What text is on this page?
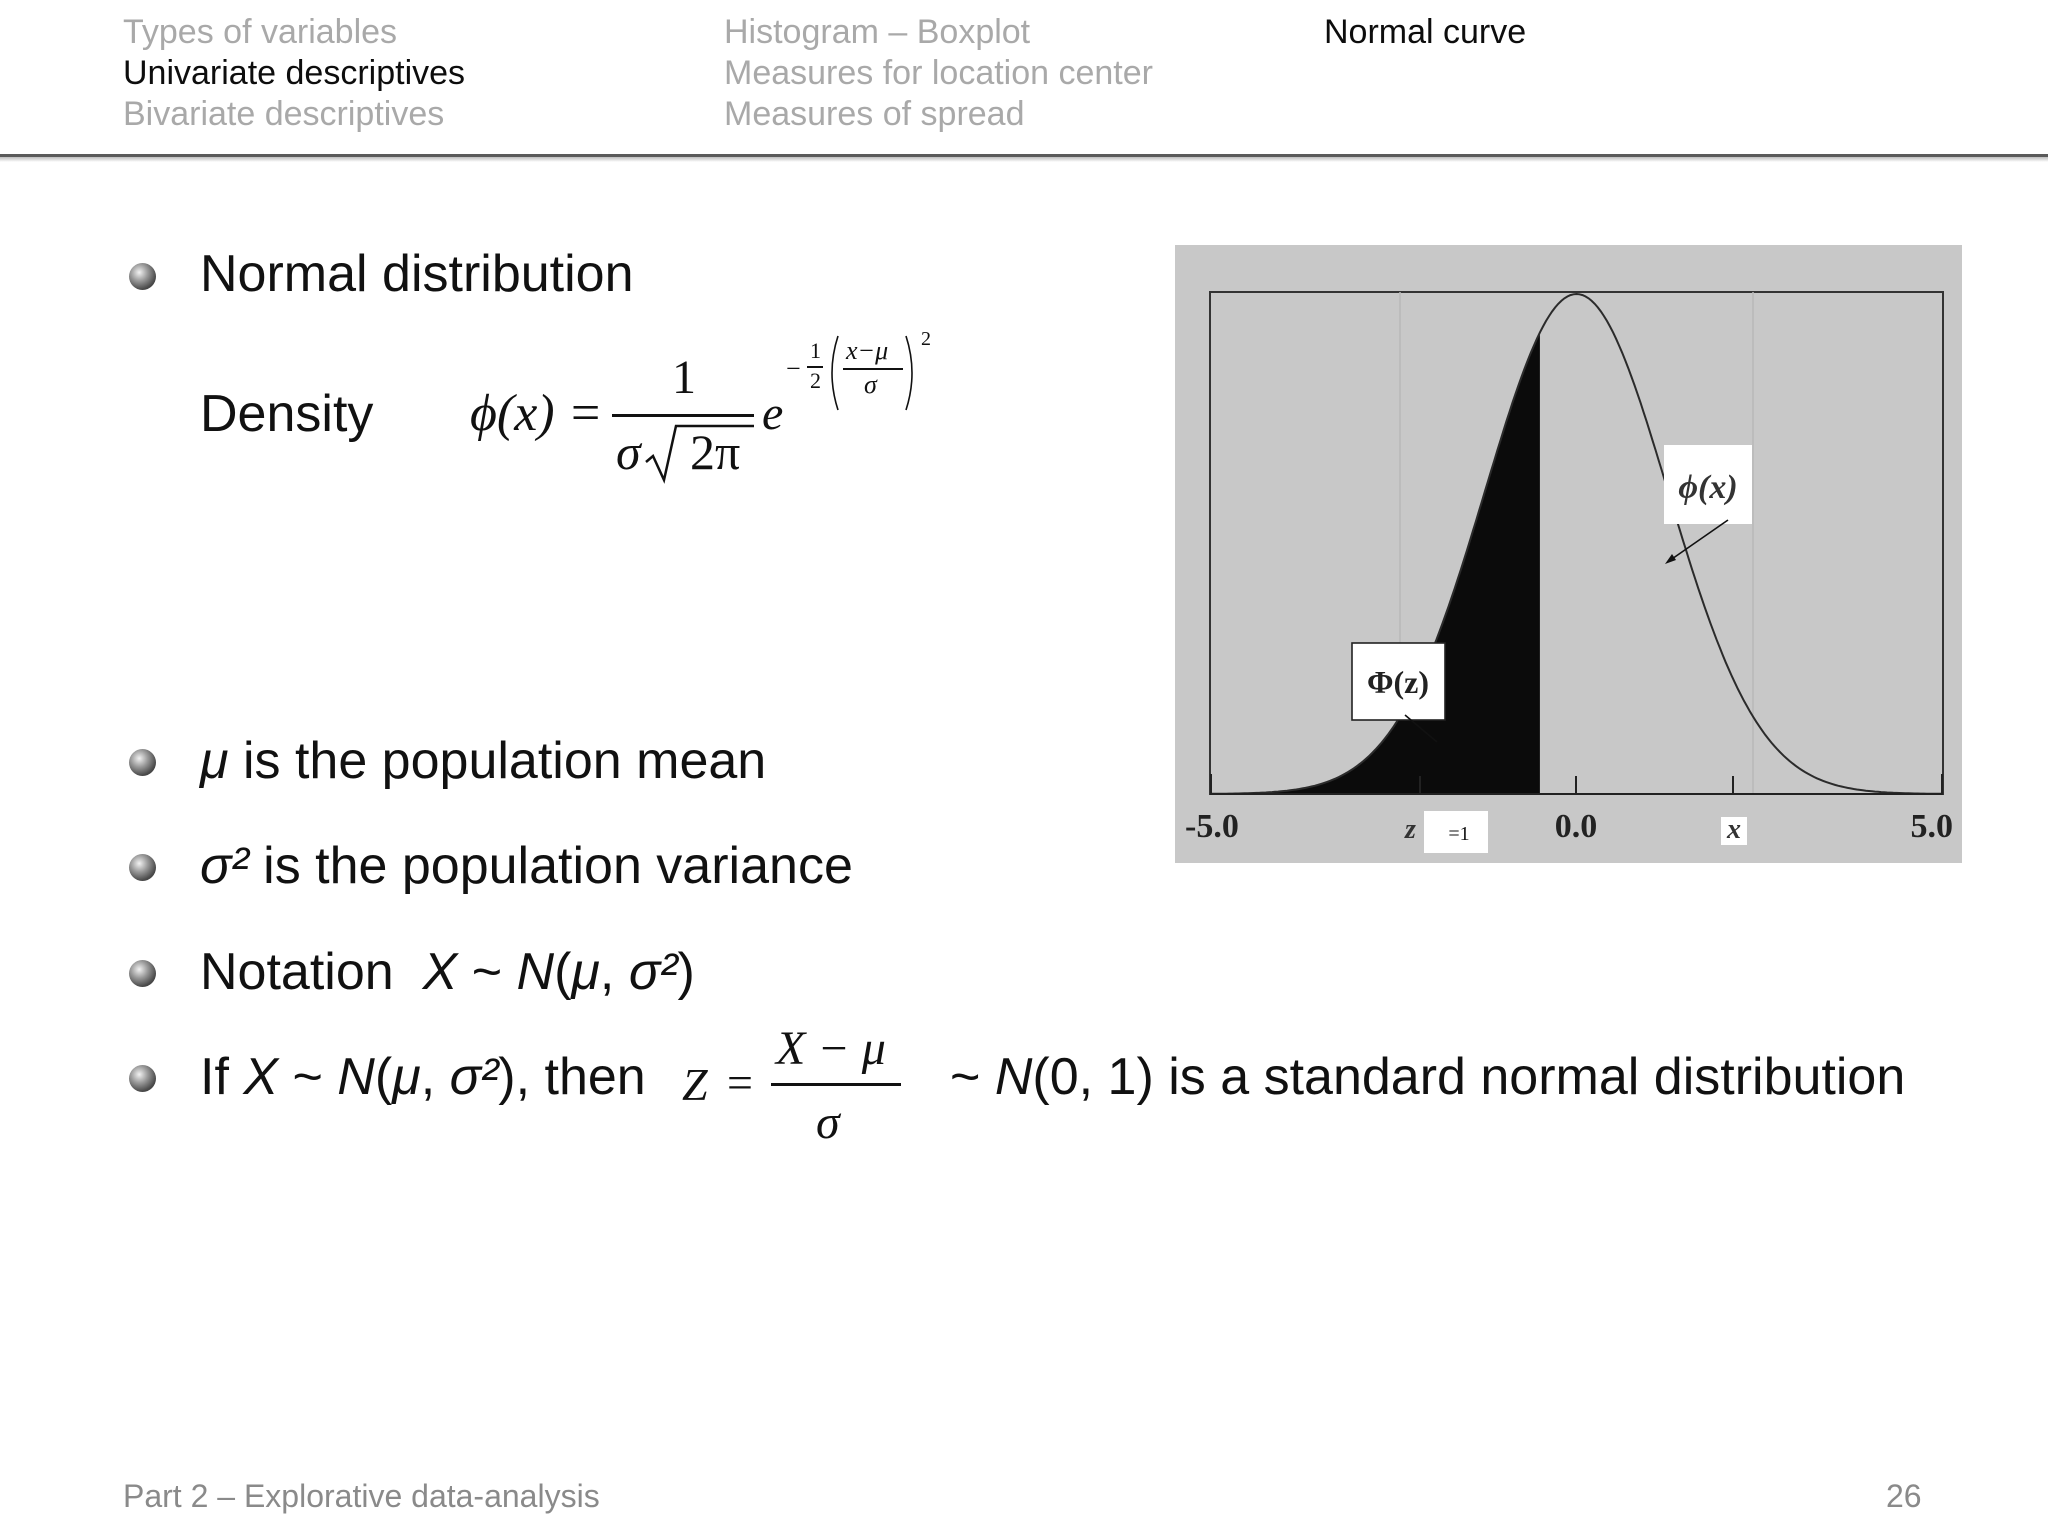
Types of variables
Univariate descriptives
Bivariate descriptives
Histogram – Boxplot
Measures for location center
Measures of spread
Normal curve
Normal distribution
Density ϕ(x) =
1
σ 2π
e
−
1
2
x−μ
σ
2
ϕ(x)
Φ(z)
-5.0	0.0	5.0
z =1	x
μ is the population mean
σ² is the population variance
Notation  X ~ N(μ, σ²)
If X ~ N(μ, σ²), then Z =
X − μ
σ
~ N(0, 1) is a standard normal distribution
Part 2 – Explorative data-analysis	26
